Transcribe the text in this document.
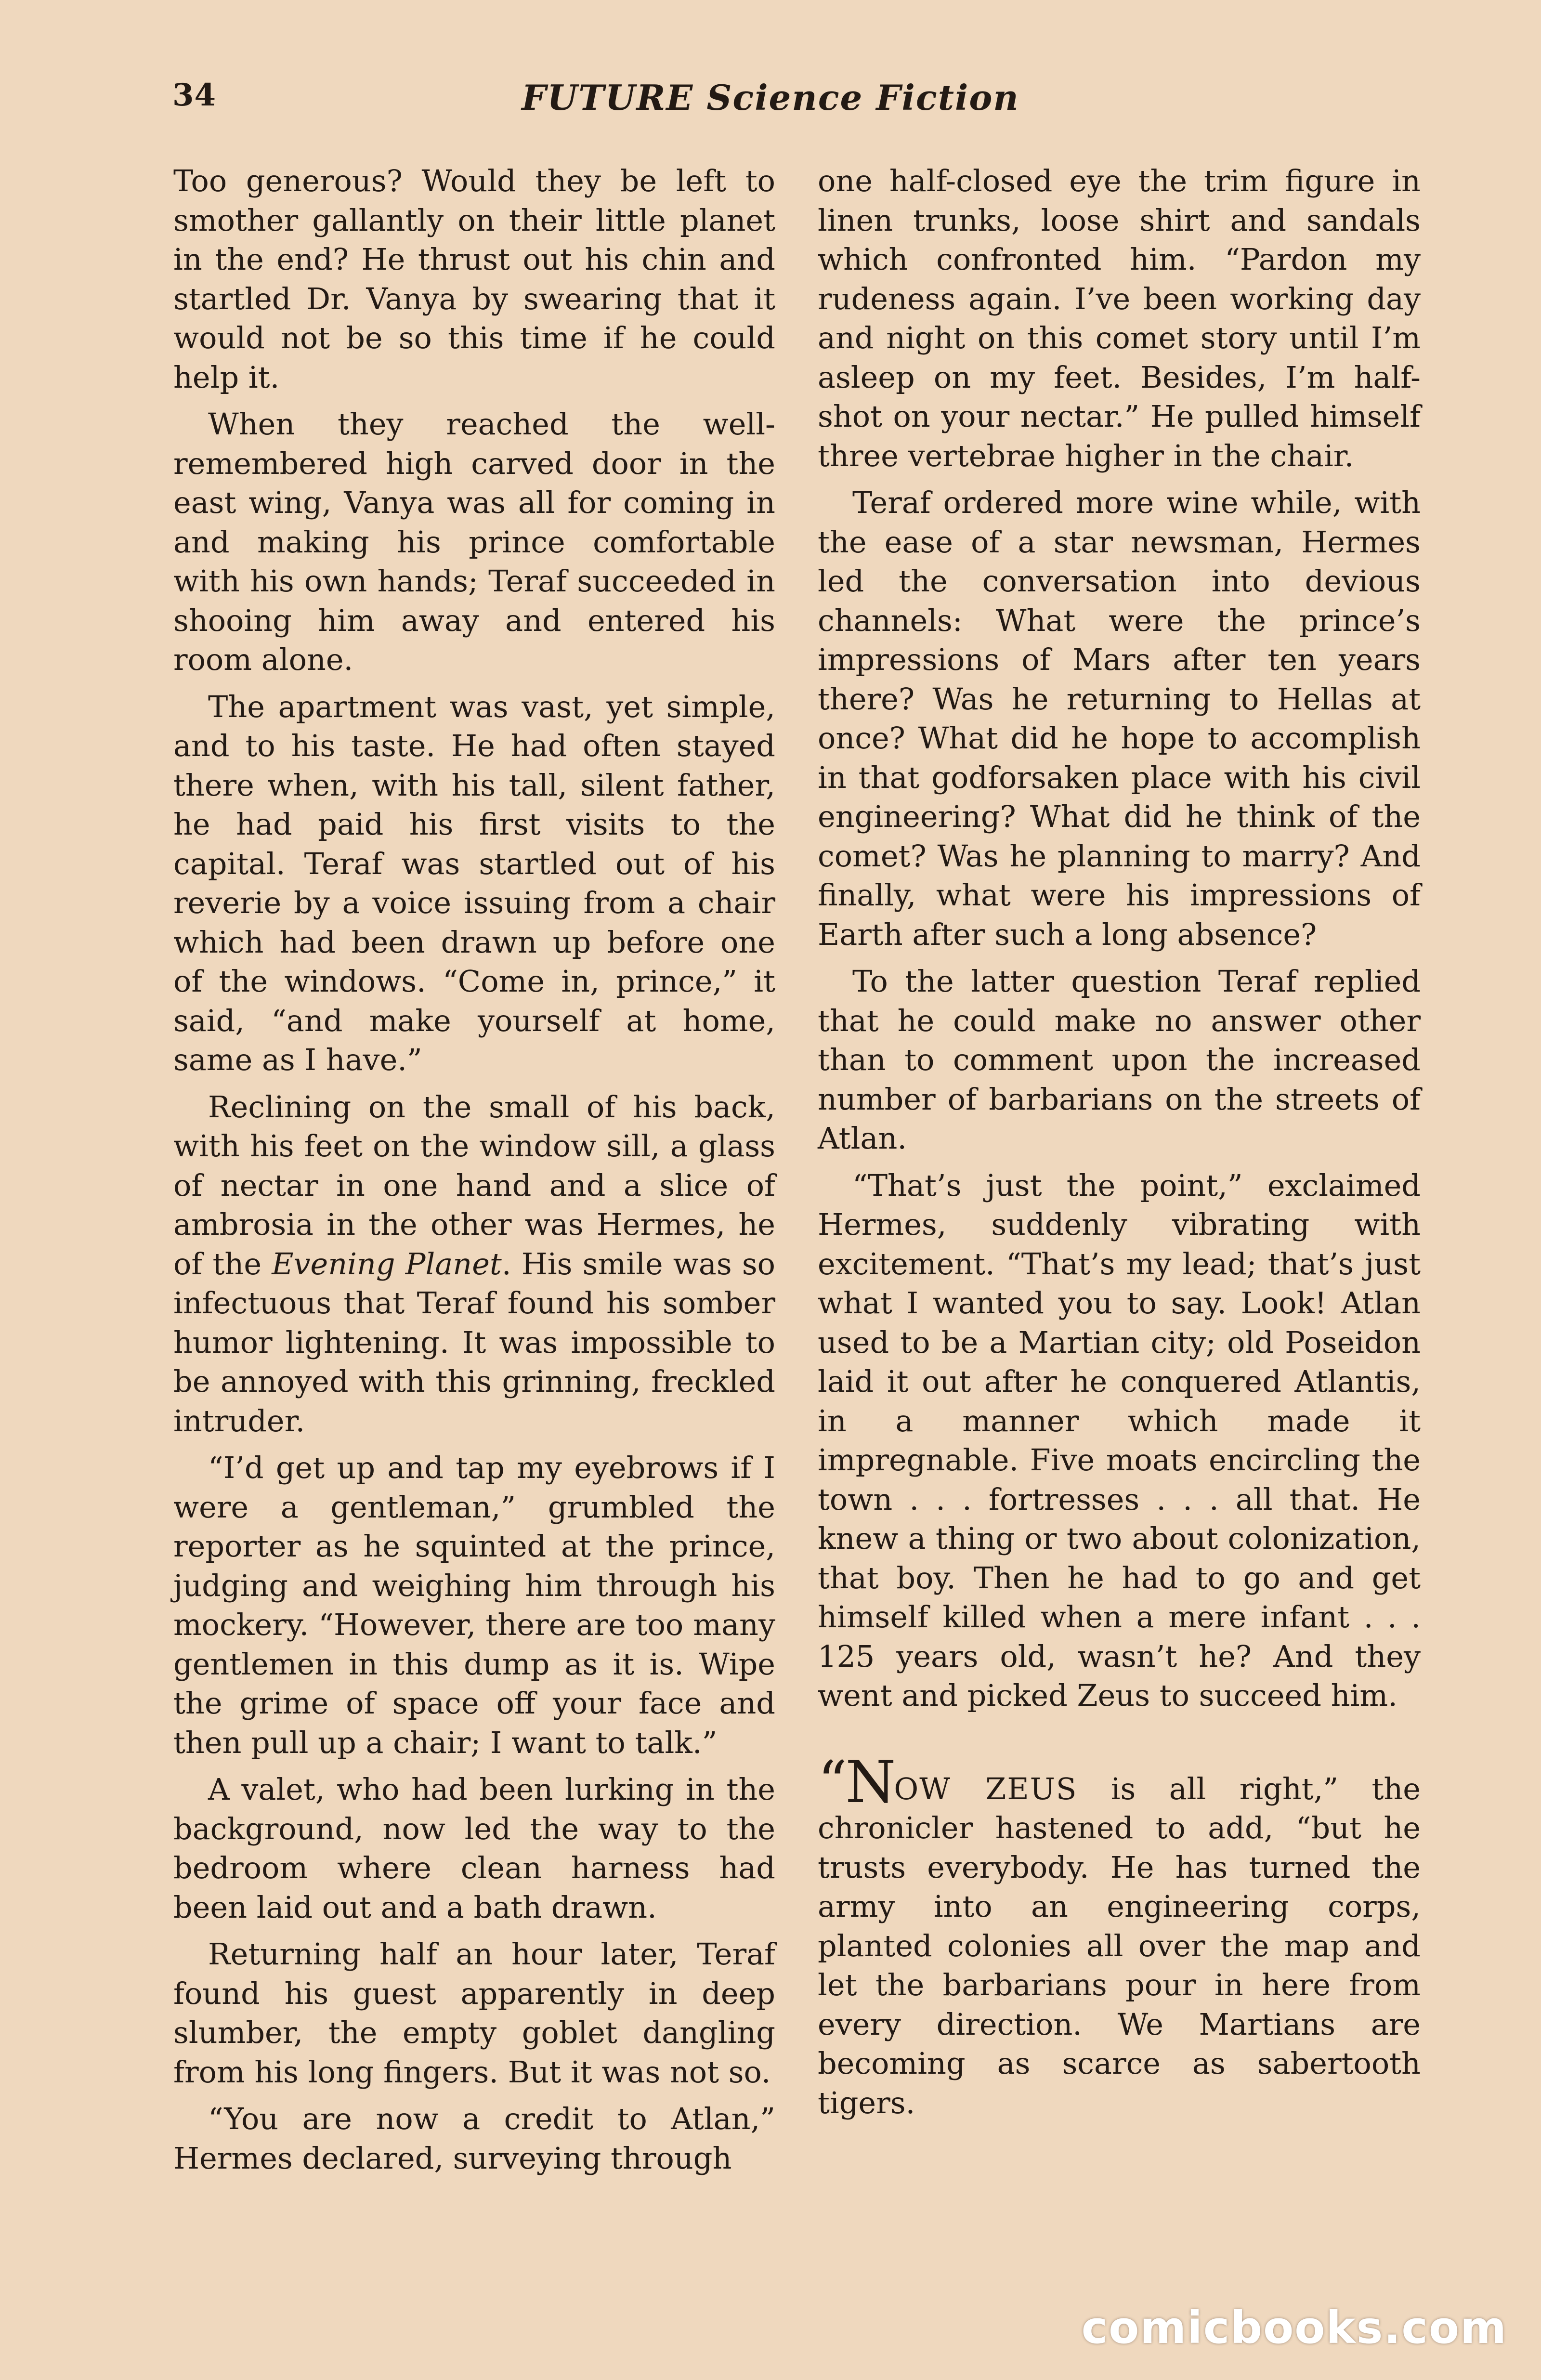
34	FUTURE Science Fiction

Too generous? Would they be left to smother gallantly on their little planet in the end? He thrust out his chin and startled Dr. Vanya by swearing that it would not be so this time if he could help it.

When they reached the well-remembered high carved door in the east wing, Vanya was all for coming in and making his prince comfortable with his own hands; Teraf succeeded in shooing him away and entered his room alone.

The apartment was vast, yet simple, and to his taste. He had often stayed there when, with his tall, silent father, he had paid his first visits to the capital. Teraf was startled out of his reverie by a voice issuing from a chair which had been drawn up before one of the windows. “Come in, prince,” it said, “and make yourself at home, same as I have.”

Reclining on the small of his back, with his feet on the window sill, a glass of nectar in one hand and a slice of ambrosia in the other was Hermes, he of the Evening Planet. His smile was so infectuous that Teraf found his somber humor lightening. It was impossible to be annoyed with this grinning, freckled intruder.

“I’d get up and tap my eyebrows if I were a gentleman,” grumbled the reporter as he squinted at the prince, judging and weighing him through his mockery. “However, there are too many gentlemen in this dump as it is. Wipe the grime of space off your face and then pull up a chair; I want to talk.”

A valet, who had been lurking in the background, now led the way to the bedroom where clean harness had been laid out and a bath drawn.

Returning half an hour later, Teraf found his guest apparently in deep slumber, the empty goblet dangling from his long fingers. But it was not so.

“You are now a credit to Atlan,” Hermes declared, surveying through

one half-closed eye the trim figure in linen trunks, loose shirt and sandals which confronted him. “Pardon my rudeness again. I’ve been working day and night on this comet story until I’m asleep on my feet. Besides, I’m half-shot on your nectar.” He pulled himself three vertebrae higher in the chair.

Teraf ordered more wine while, with the ease of a star newsman, Hermes led the conversation into devious channels: What were the prince’s impressions of Mars after ten years there? Was he returning to Hellas at once? What did he hope to accomplish in that godforsaken place with his civil engineering? What did he think of the comet? Was he planning to marry? And finally, what were his impressions of Earth after such a long absence?

To the latter question Teraf replied that he could make no answer other than to comment upon the increased number of barbarians on the streets of Atlan.

“That’s just the point,” exclaimed Hermes, suddenly vibrating with excitement. “That’s my lead; that’s just what I wanted you to say. Look! Atlan used to be a Martian city; old Poseidon laid it out after he conquered Atlantis, in a manner which made it impregnable. Five moats encircling the town . . . fortresses . . . all that. He knew a thing or two about colonization, that boy. Then he had to go and get himself killed when a mere infant . . . 125 years old, wasn’t he? And they went and picked Zeus to succeed him.

“NOW ZEUS is all right,” the chronicler hastened to add, “but he trusts everybody. He has turned the army into an engineering corps, planted colonies all over the map and let the barbarians pour in here from every direction. We Martians are becoming as scarce as sabertooth tigers.

comicbooks.com
